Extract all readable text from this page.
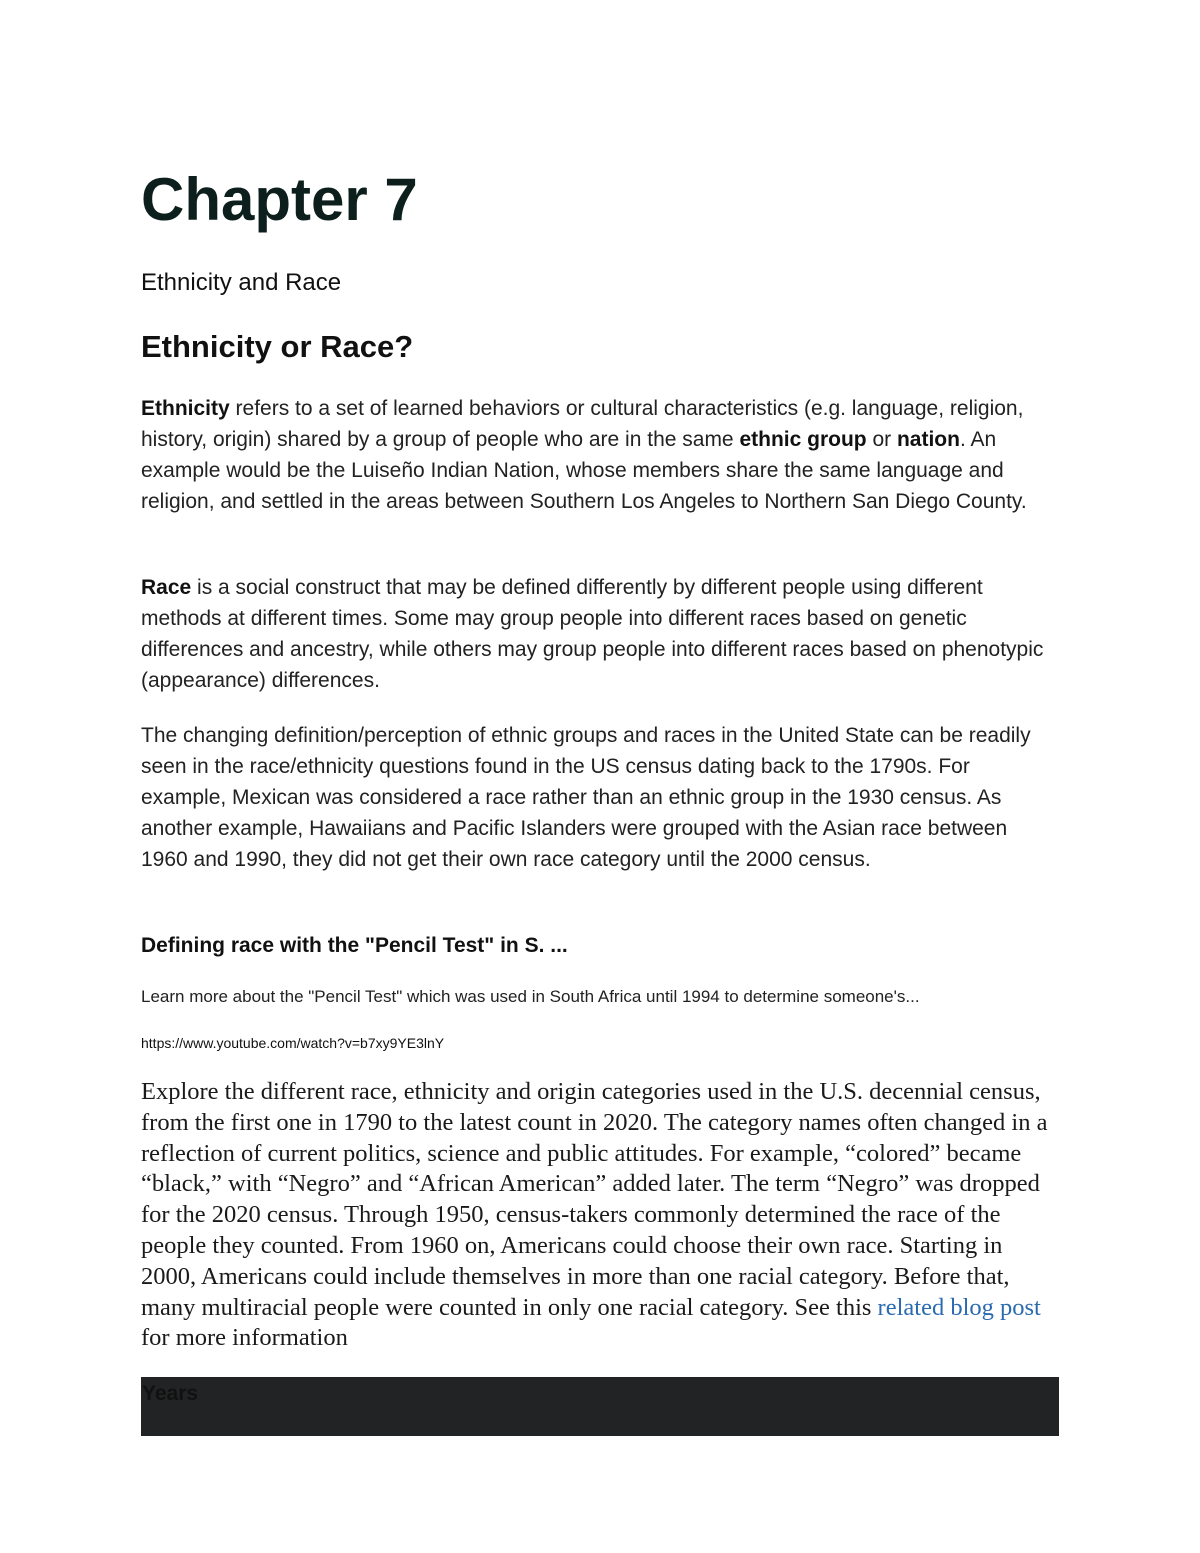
Chapter 7

Ethnicity and Race

Ethnicity or Race?

Ethnicity refers to a set of learned behaviors or cultural characteristics (e.g. language, religion, history, origin) shared by a group of people who are in the same ethnic group or nation. An example would be the Luiseño Indian Nation, whose members share the same language and religion, and settled in the areas between Southern Los Angeles to Northern San Diego County.

Race is a social construct that may be defined differently by different people using different methods at different times. Some may group people into different races based on genetic differences and ancestry, while others may group people into different races based on phenotypic (appearance) differences.

The changing definition/perception of ethnic groups and races in the United State can be readily seen in the race/ethnicity questions found in the US census dating back to the 1790s. For example, Mexican was considered a race rather than an ethnic group in the 1930 census. As another example, Hawaiians and Pacific Islanders were grouped with the Asian race between 1960 and 1990, they did not get their own race category until the 2000 census.

Defining race with the "Pencil Test" in S. ...

Learn more about the "Pencil Test" which was used in South Africa until 1994 to determine someone's...

https://www.youtube.com/watch?v=b7xy9YE3lnY

Explore the different race, ethnicity and origin categories used in the U.S. decennial census, from the first one in 1790 to the latest count in 2020. The category names often changed in a reflection of current politics, science and public attitudes. For example, “colored” became “black,” with “Negro” and “African American” added later. The term “Negro” was dropped for the 2020 census. Through 1950, census-takers commonly determined the race of the people they counted. From 1960 on, Americans could choose their own race. Starting in 2000, Americans could include themselves in more than one racial category. Before that, many multiracial people were counted in only one racial category. See this related blog post for more information

Years
